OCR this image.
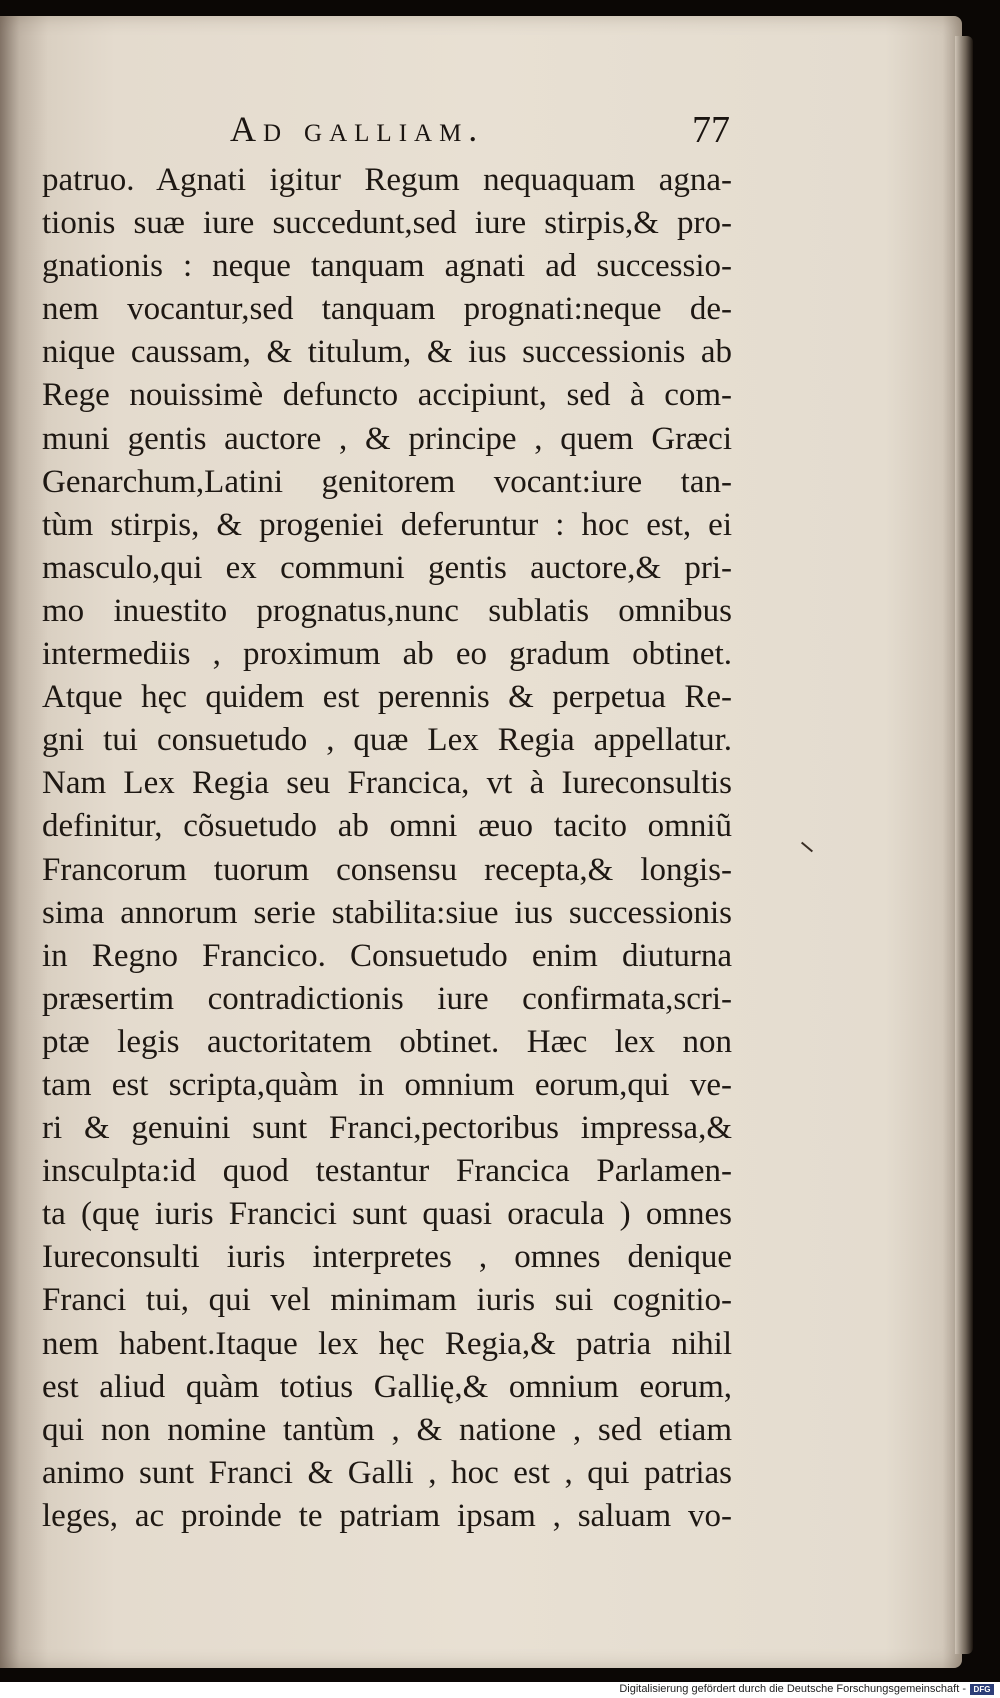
Ad galliam.	77
patruo. Agnati igitur Regum nequaquam agna-
tionis suæ iure succedunt,sed iure stirpis,& pro-
gnationis : neque tanquam agnati ad successio-
nem vocantur,sed tanquam prognati:neque de-
nique caussam, & titulum, & ius successionis ab
Rege nouissimè defuncto accipiunt, sed à com-
muni gentis auctore , & principe , quem Græci
Genarchum,Latini genitorem vocant:iure tan-
tùm stirpis, & progeniei deferuntur : hoc est, ei
masculo,qui ex communi gentis auctore,& pri-
mo inuestito prognatus,nunc sublatis omnibus
intermediis , proximum ab eo gradum obtinet.
Atque hęc quidem est perennis & perpetua Re-
gni tui consuetudo , quæ Lex Regia appellatur.
Nam Lex Regia seu Francica, vt à Iureconsultis
definitur, cõsuetudo ab omni æuo tacito omniũ
Francorum tuorum consensu recepta,& longis-
sima annorum serie stabilita:siue ius successionis
in Regno Francico. Consuetudo enim diuturna
præsertim contradictionis iure confirmata,scri-
ptæ legis auctoritatem obtinet. Hæc lex non
tam est scripta,quàm in omnium eorum,qui ve-
ri & genuini sunt Franci,pectoribus impressa,&
insculpta:id quod testantur Francica Parlamen-
ta (quę iuris Francici sunt quasi oracula ) omnes
Iureconsulti iuris interpretes , omnes denique
Franci tui, qui vel minimam iuris sui cognitio-
nem habent.Itaque lex hęc Regia,& patria nihil
est aliud quàm totius Gallię,& omnium eorum,
qui non nomine tantùm , & natione , sed etiam
animo sunt Franci & Galli , hoc est , qui patrias
leges, ac proinde te patriam ipsam , saluam vo-
Digitalisierung gefördert durch die Deutsche Forschungsgemeinschaft - DFG
